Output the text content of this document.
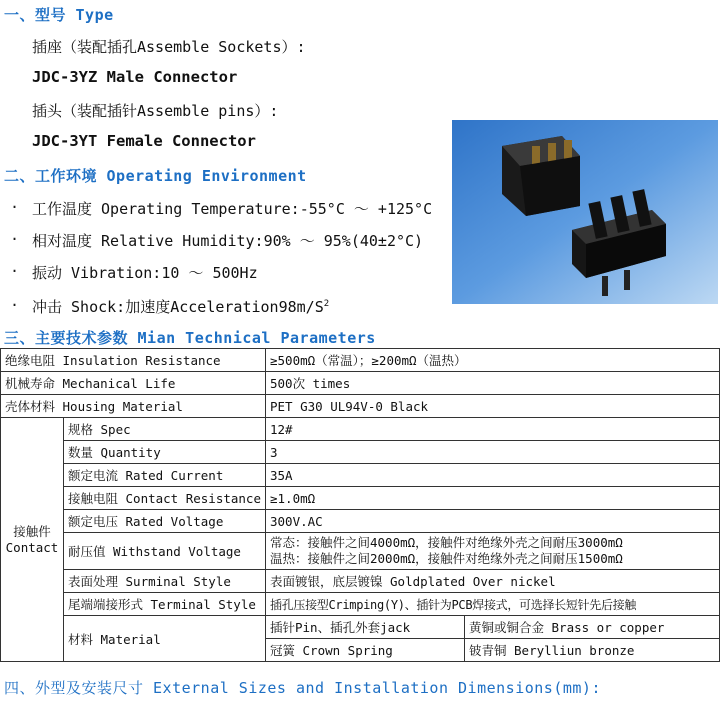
一、型号 Type
插座（装配插孔Assemble Sockets）:
JDC-3YZ Male Connector
插头（装配插针Assemble pins）:
JDC-3YT Female Connector
二、工作环境 Operating Environment
· 工作温度 Operating Temperature:-55°C ～ +125°C
· 相对温度 Relative Humidity:90% ～ 95%(40±2°C)
· 振动 Vibration:10 ～ 500Hz
· 冲击 Shock:加速度$Acceleration98m/S^2$
三、主要技术参数 Mian Technical Parameters
绝缘电阻 Insulation Resistance		≥500mΩ（常温）；≥200mΩ（温热）	
机械寿命 Mechanical Life		500次 times	
壳体材料 Housing Material		PET G30 UL94V-0 Black	
接触件
Contact	规格 Spec	12#	
	数量 Quantity	3	
	额定电流 Rated Current	35A	
	接触电阻 Contact Resistance	≥1.0mΩ	
	额定电压 Rated Voltage	300V.AC	
	耐压值 Withstand Voltage	常态：接触件之间4000mΩ，接触件对绝缘外壳之间耐压3000mΩ
温热：接触件之间2000mΩ，接触件对绝缘外壳之间耐压1500mΩ	
	表面处理 Surminal Style	表面镀银，底层镀镍 Goldplated Over nickel	
	尾端端接形式 Terminal Style	插孔压接型Crimping(Y)、插针为PCB焊接式，可选择长短针先后接触	
	材料 Material	插针Pin、插孔外套jack	黄铜或铜合金 Brass or copper
		冠簧 Crown Spring	铍青铜 Berylliun bronze
四、外型及安装尺寸 External Sizes and Installation Dimensions(mm):
